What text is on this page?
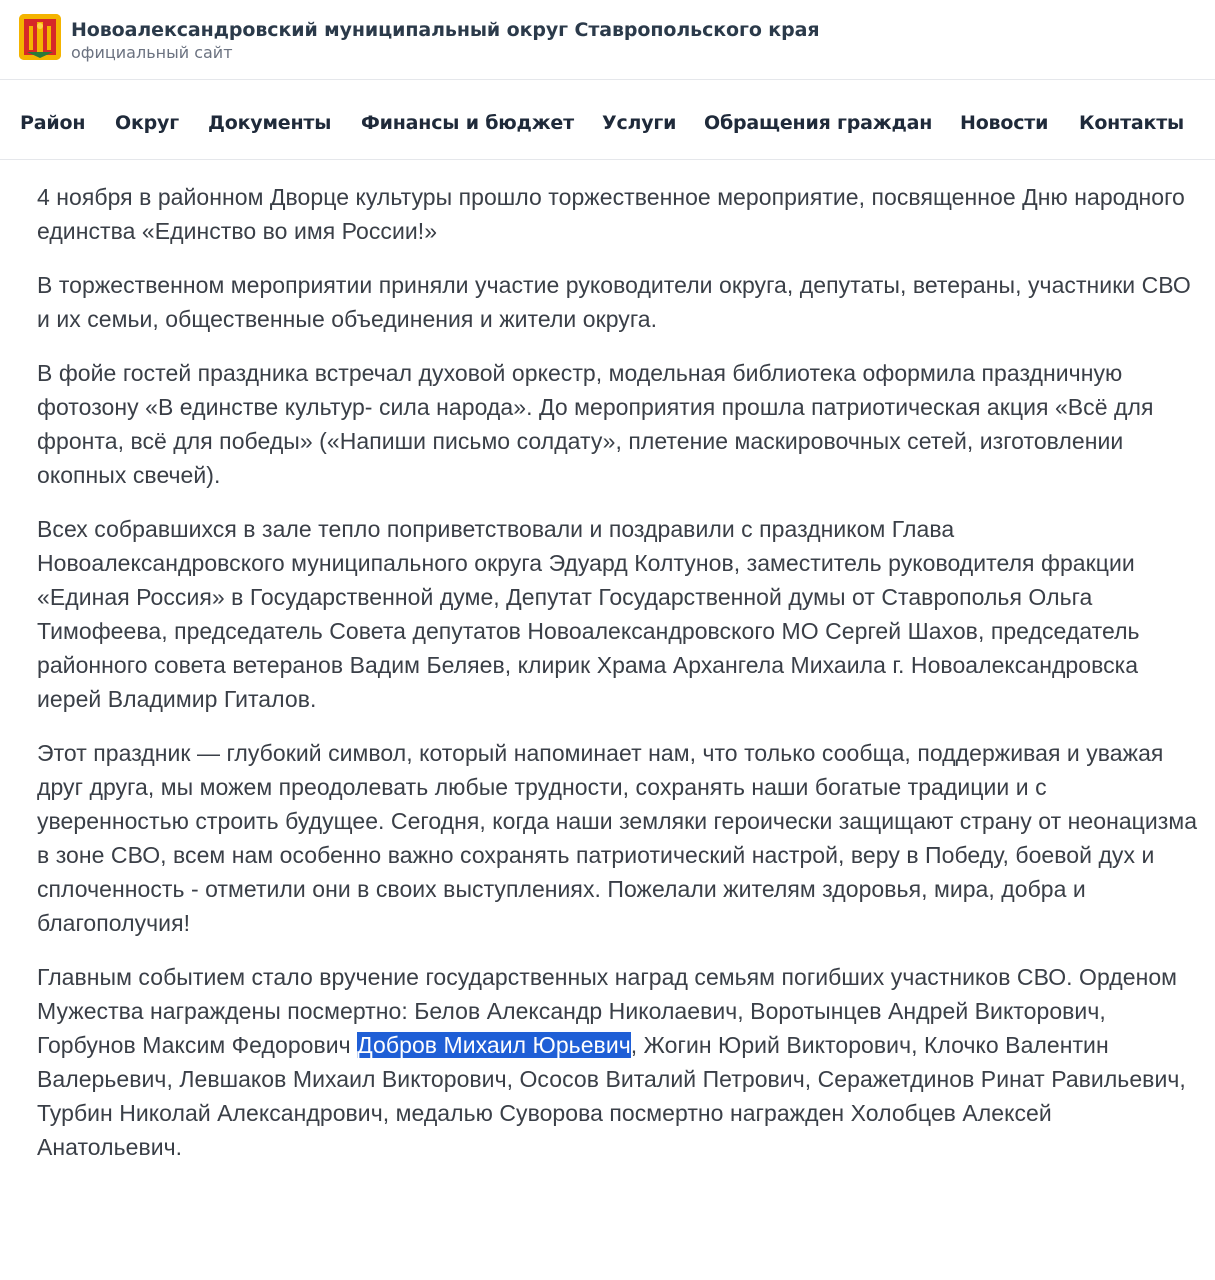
Новоалександровский муниципальный округ Ставропольского края
официальный сайт
Район Округ Документы Финансы и бюджет Услуги Обращения граждан Новости Контакты

4 ноября в районном Дворце культуры прошло торжественное мероприятие, посвященное Дню народного единства «Единство во имя России!»

В торжественном мероприятии приняли участие руководители округа, депутаты, ветераны, участники СВО и их семьи, общественные объединения и жители округа.

В фойе гостей праздника встречал духовой оркестр, модельная библиотека оформила праздничную фотозону «В единстве культур- сила народа». До мероприятия прошла патриотическая акция «Всё для фронта, всё для победы» («Напиши письмо солдату», плетение маскировочных сетей, изготовлении окопных свечей).

Всех собравшихся в зале тепло поприветствовали и поздравили с праздником Глава Новоалександровского муниципального округа Эдуард Колтунов, заместитель руководителя фракции «Единая Россия» в Государственной думе, Депутат Государственной думы от Ставрополья Ольга Тимофеева, председатель Совета депутатов Новоалександровского МО Сергей Шахов, председатель районного совета ветеранов Вадим Беляев, клирик Храма Архангела Михаила г. Новоалександровска иерей Владимир Гиталов.

Этот праздник — глубокий символ, который напоминает нам, что только сообща, поддерживая и уважая друг друга, мы можем преодолевать любые трудности, сохранять наши богатые традиции и с уверенностью строить будущее. Сегодня, когда наши земляки героически защищают страну от неонацизма в зоне СВО, всем нам особенно важно сохранять патриотический настрой, веру в Победу, боевой дух и сплоченность - отметили они в своих выступлениях. Пожелали жителям здоровья, мира, добра и благополучия!

Главным событием стало вручение государственных наград семьям погибших участников СВО. Орденом Мужества награждены посмертно: Белов Александр Николаевич, Воротынцев Андрей Викторович, Горбунов Максим Федорович Добров Михаил Юрьевич, Жогин Юрий Викторович, Клочко Валентин Валерьевич, Левшаков Михаил Викторович, Ососов Виталий Петрович, Серажетдинов Ринат Равильевич, Турбин Николай Александрович, медалью Суворова посмертно награжден Холобцев Алексей Анатольевич.
